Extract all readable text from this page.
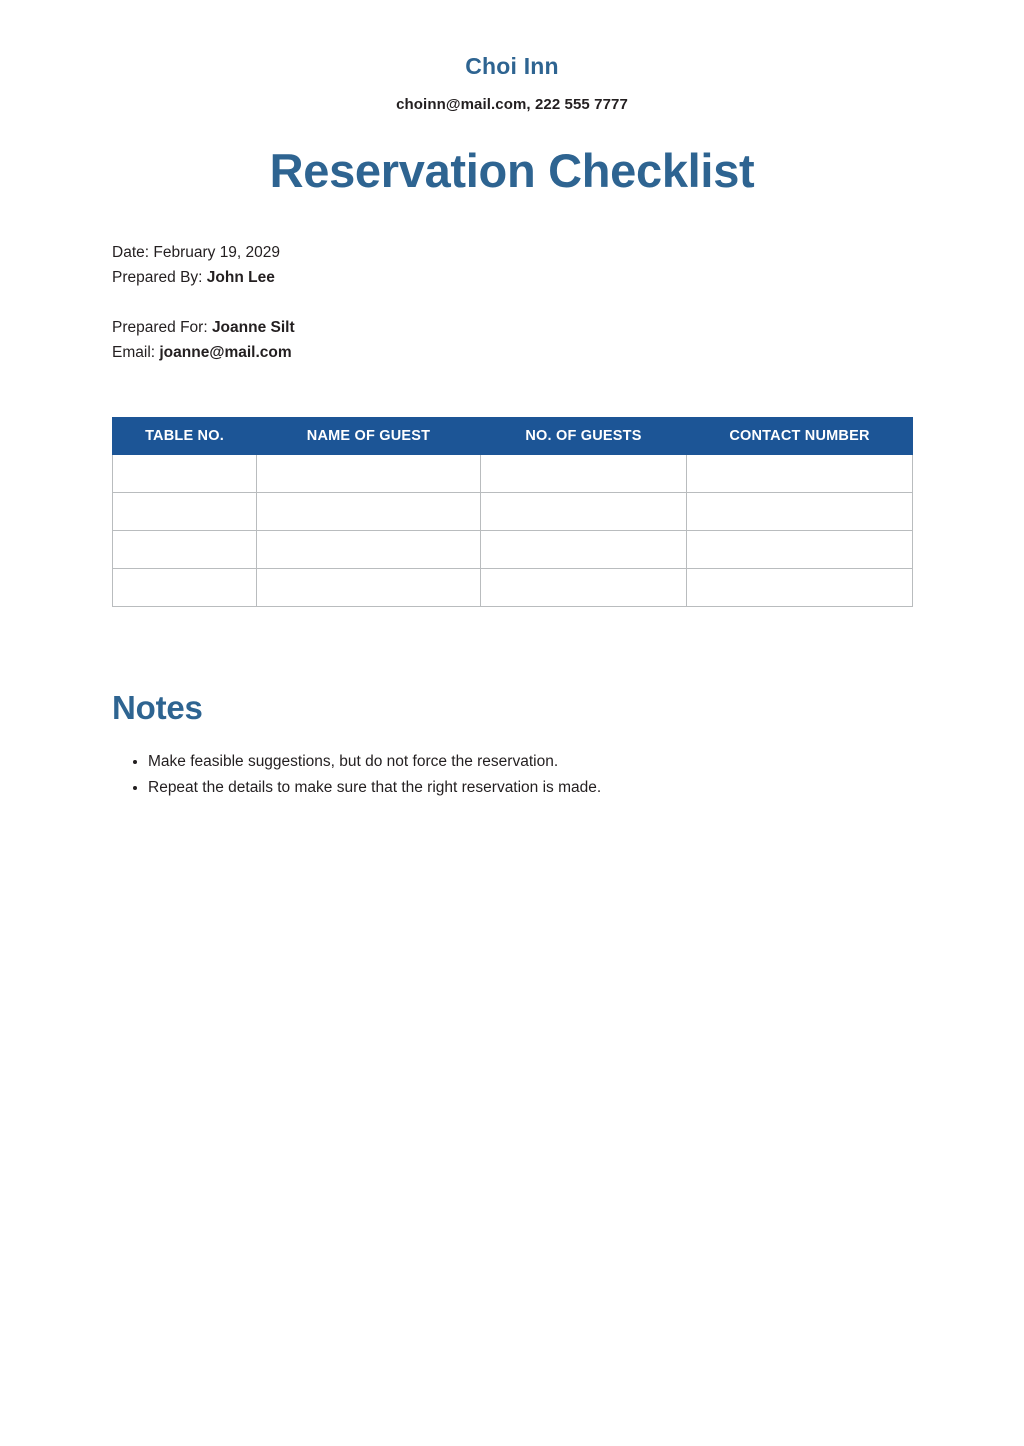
Choi Inn
choinn@mail.com, 222 555 7777
Reservation Checklist
Date: February 19, 2029
Prepared By: John Lee
Prepared For: Joanne Silt
Email: joanne@mail.com
TABLE NO.	NAME OF GUEST	NO. OF GUESTS	CONTACT NUMBER

Notes
• Make feasible suggestions, but do not force the reservation.
• Repeat the details to make sure that the right reservation is made.
